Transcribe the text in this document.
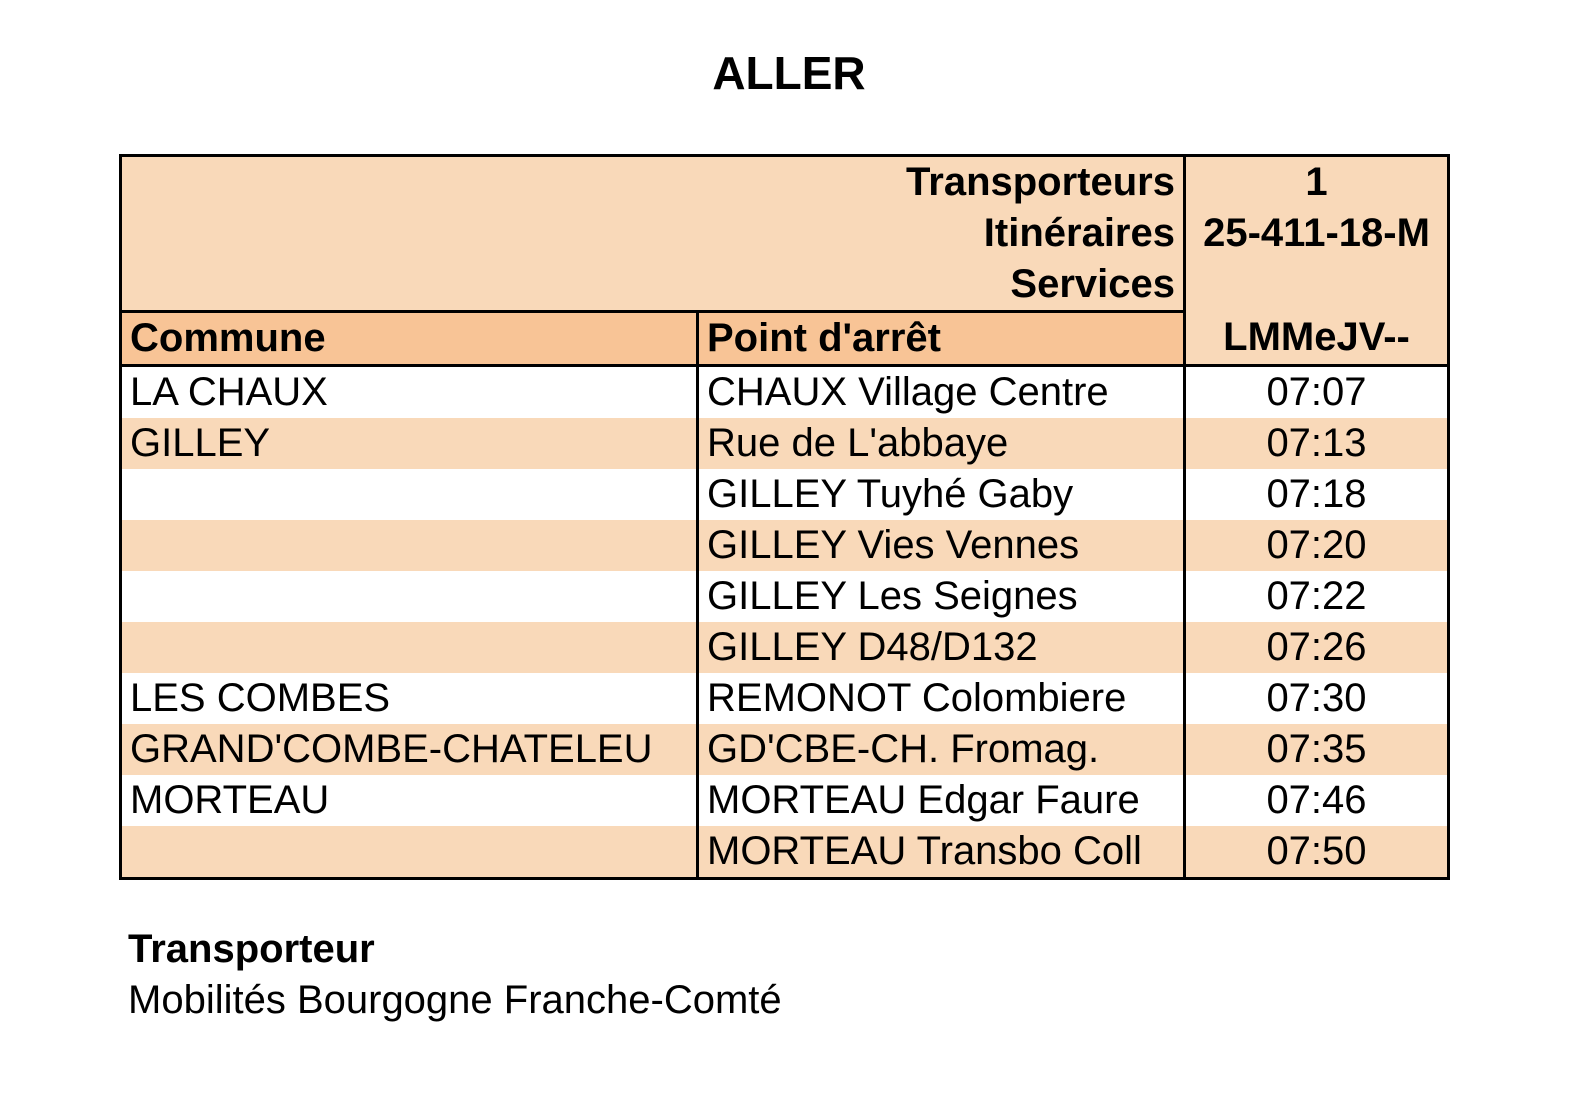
ALLER
Transporteurs		1
Itinéraires		25-411-18-M
Services		
Commune	Point d'arrêt	LMMeJV--
LA CHAUX	CHAUX Village Centre	07:07
GILLEY	Rue de L'abbaye	07:13
	GILLEY Tuyhé Gaby	07:18
	GILLEY Vies Vennes	07:20
	GILLEY Les Seignes	07:22
	GILLEY D48/D132	07:26
LES COMBES	REMONOT Colombiere	07:30
GRAND'COMBE-CHATELEU	GD'CBE-CH. Fromag.	07:35
MORTEAU	MORTEAU Edgar Faure	07:46
	MORTEAU Transbo Coll	07:50
Transporteur
Mobilités Bourgogne Franche-Comté
